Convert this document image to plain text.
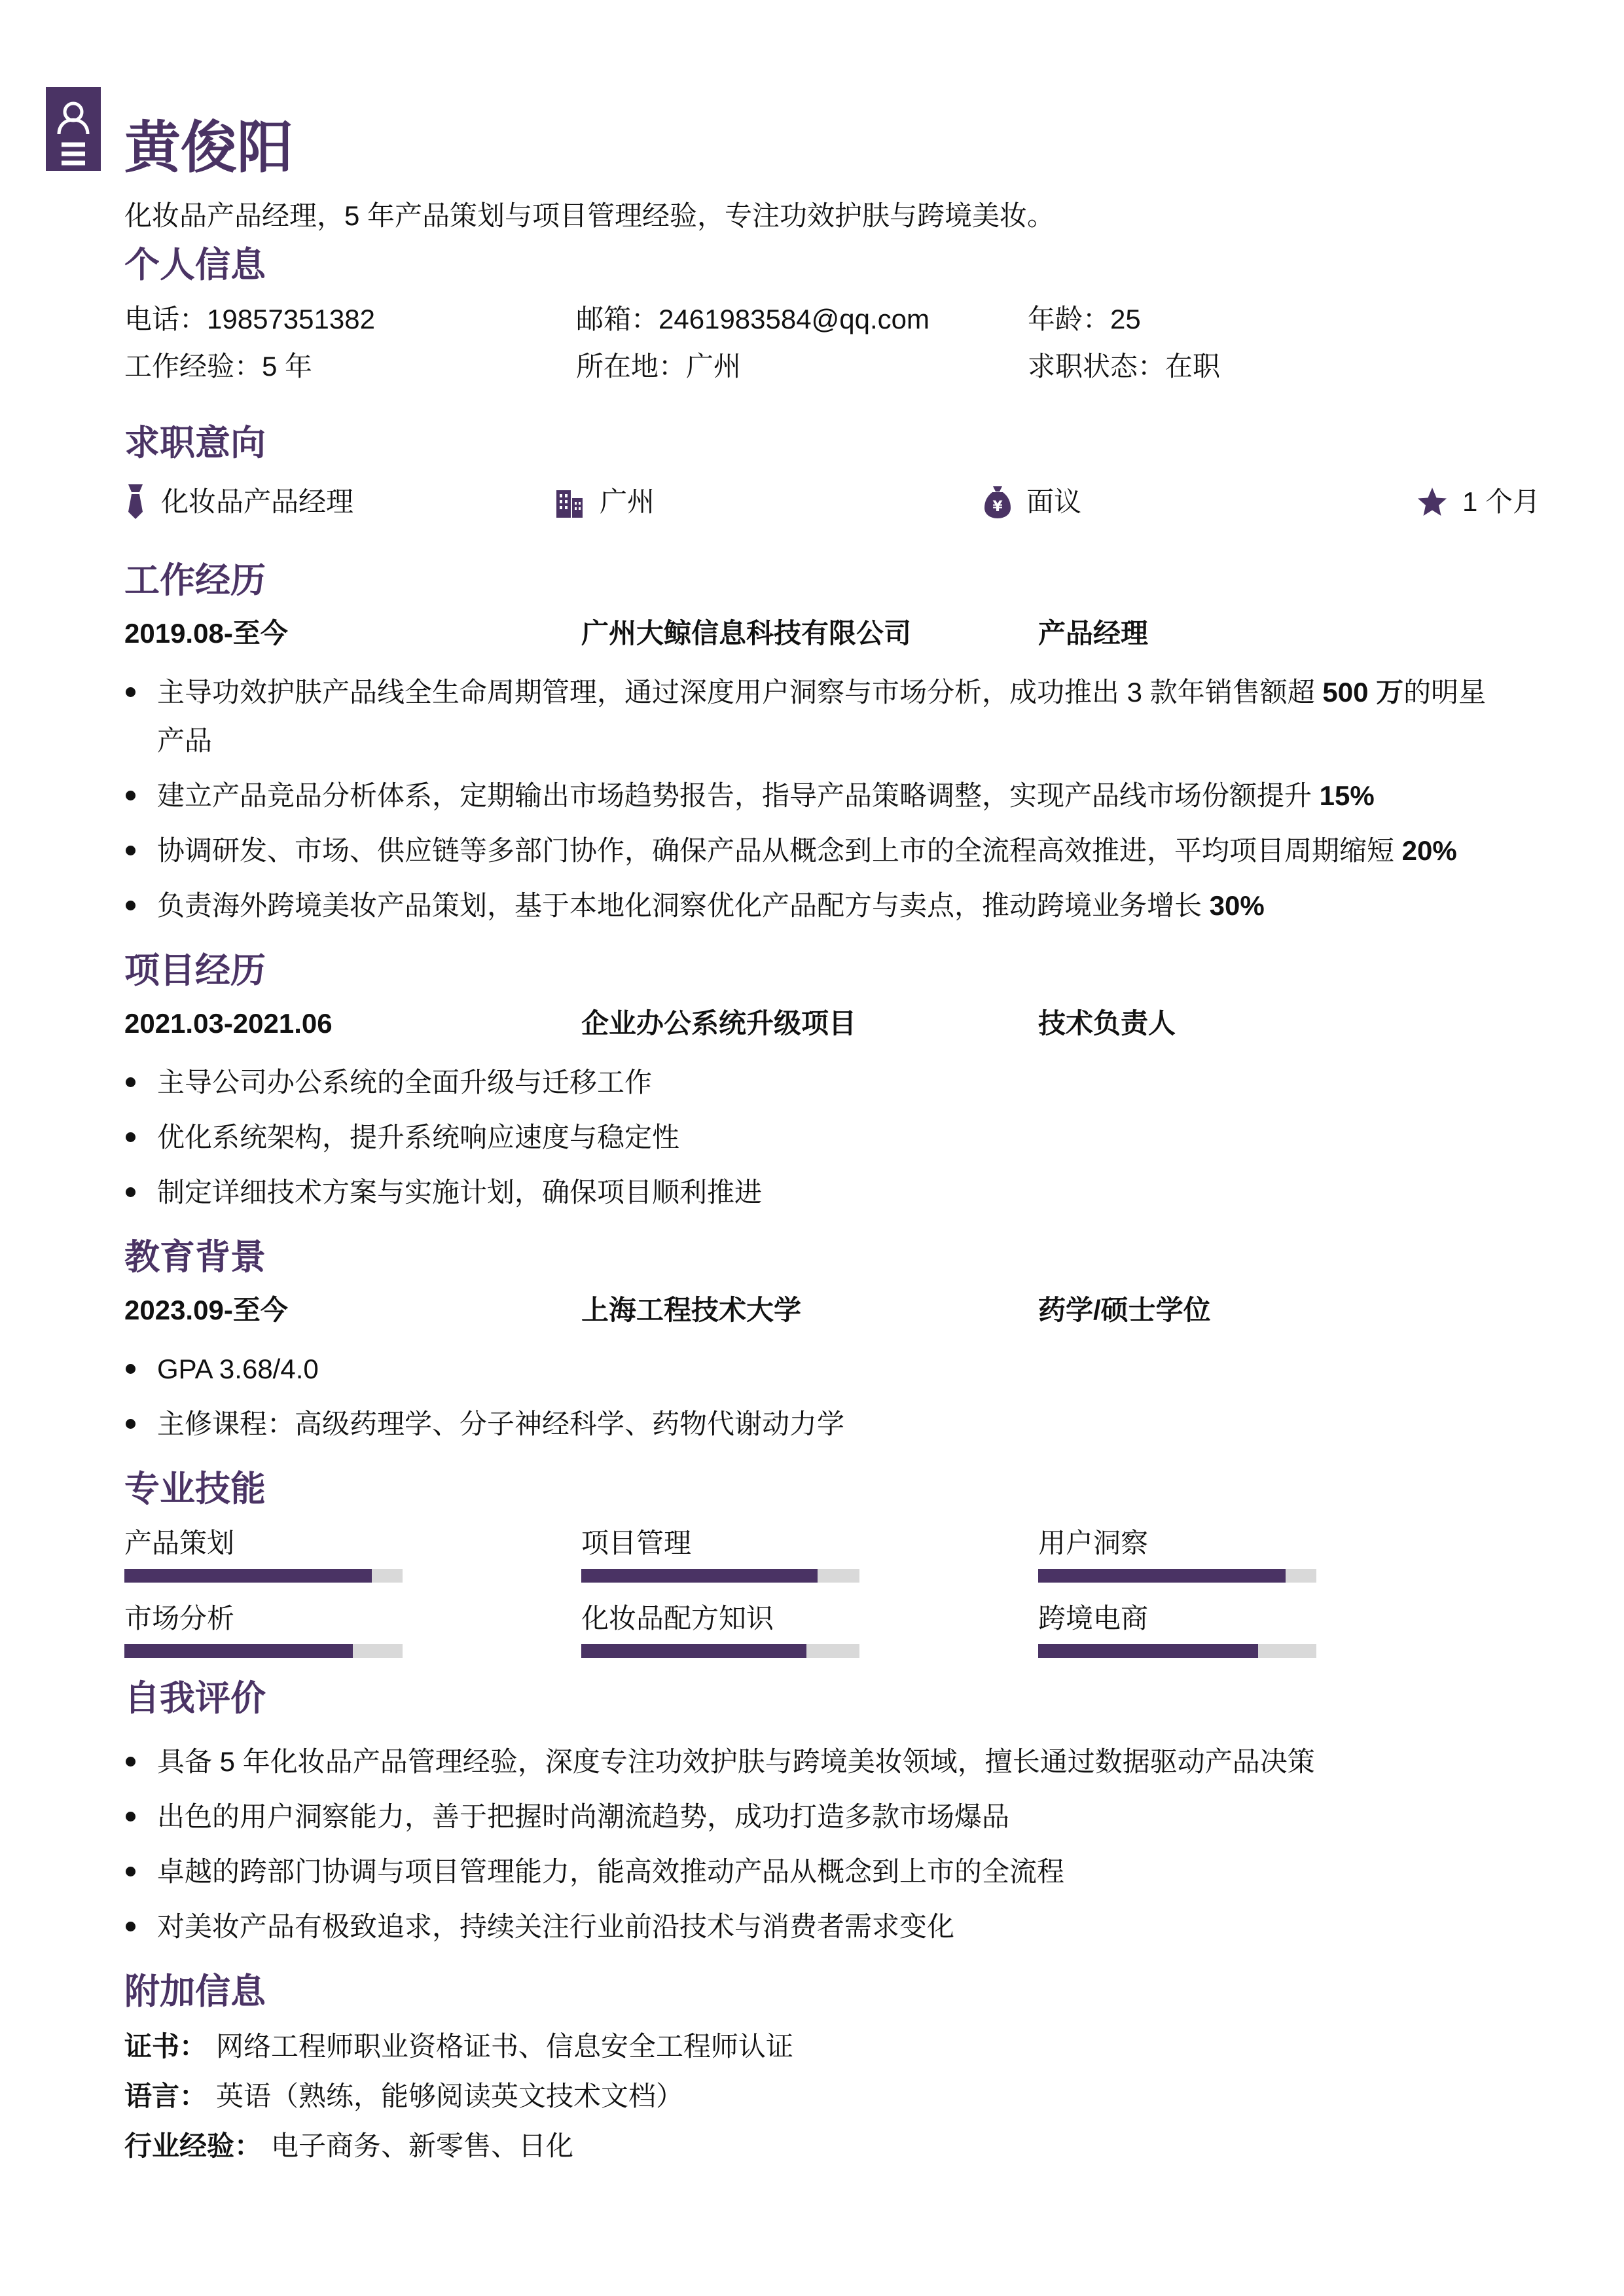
黄俊阳
化妆品产品经理，5 年产品策划与项目管理经验，专注功效护肤与跨境美妆。
个人信息
电话：19857351382	邮箱：2461983584@qq.com	年龄：25
工作经验：5 年	所在地：广州	求职状态：在职
求职意向
化妆品产品经理	广州	¥ 面议	1 个月
工作经历
2019.08-至今	广州大鲸信息科技有限公司	产品经理
主导功效护肤产品线全生命周期管理，通过深度用户洞察与市场分析，成功推出 3 款年销售额超 500 万的明星产品
建立产品竞品分析体系，定期输出市场趋势报告，指导产品策略调整，实现产品线市场份额提升 15%
协调研发、市场、供应链等多部门协作，确保产品从概念到上市的全流程高效推进，平均项目周期缩短 20%
负责海外跨境美妆产品策划，基于本地化洞察优化产品配方与卖点，推动跨境业务增长 30%
项目经历
2021.03-2021.06	企业办公系统升级项目	技术负责人
主导公司办公系统的全面升级与迁移工作
优化系统架构，提升系统响应速度与稳定性
制定详细技术方案与实施计划，确保项目顺利推进
教育背景
2023.09-至今	上海工程技术大学	药学/硕士学位
GPA 3.68/4.0
主修课程：高级药理学、分子神经科学、药物代谢动力学
专业技能
产品策划	项目管理	用户洞察
市场分析	化妆品配方知识	跨境电商
自我评价
具备 5 年化妆品产品管理经验，深度专注功效护肤与跨境美妆领域，擅长通过数据驱动产品决策
出色的用户洞察能力，善于把握时尚潮流趋势，成功打造多款市场爆品
卓越的跨部门协调与项目管理能力，能高效推动产品从概念到上市的全流程
对美妆产品有极致追求，持续关注行业前沿技术与消费者需求变化
附加信息
证书： 网络工程师职业资格证书、信息安全工程师认证
语言： 英语（熟练，能够阅读英文技术文档）
行业经验： 电子商务、新零售、日化
